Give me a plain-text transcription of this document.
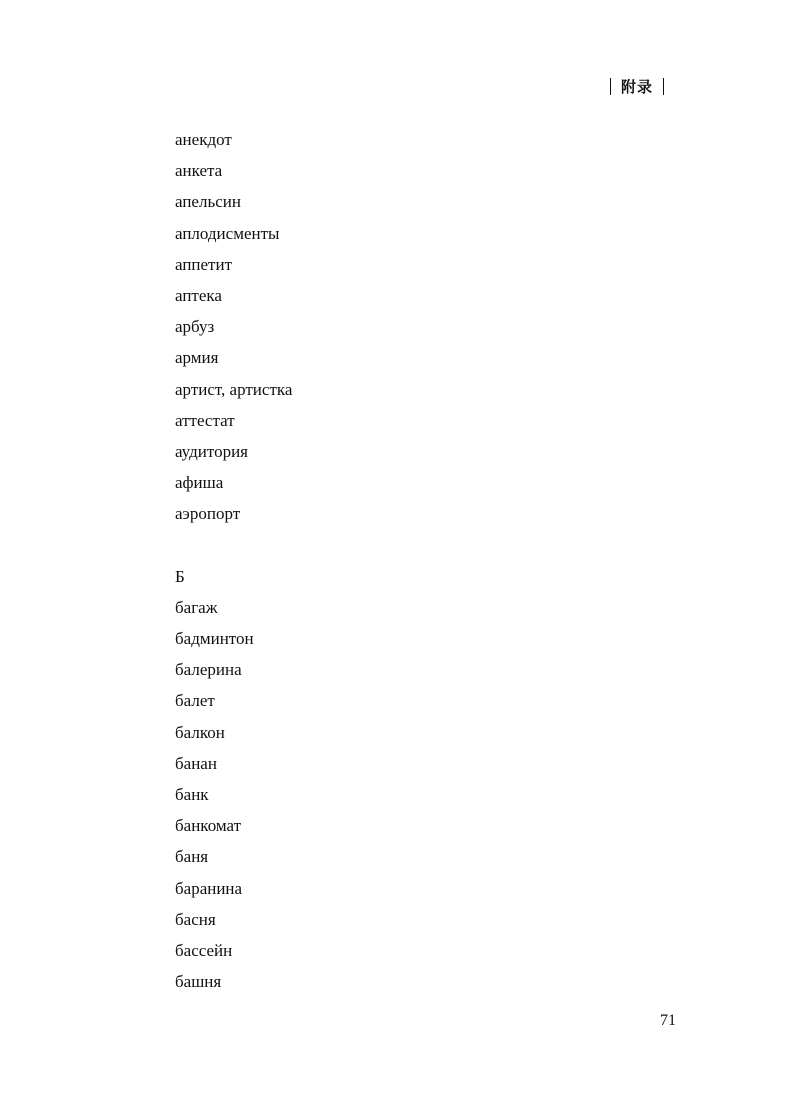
附录
анекдот
анкета
апельсин
аплодисменты
аппетит
аптека
арбуз
армия
артист, артистка
аттестат
аудитория
афиша
аэропорт
Б
багаж
бадминтон
балерина
балет
балкон
банан
банк
банкомат
баня
баранина
басня
бассейн
башня
71
